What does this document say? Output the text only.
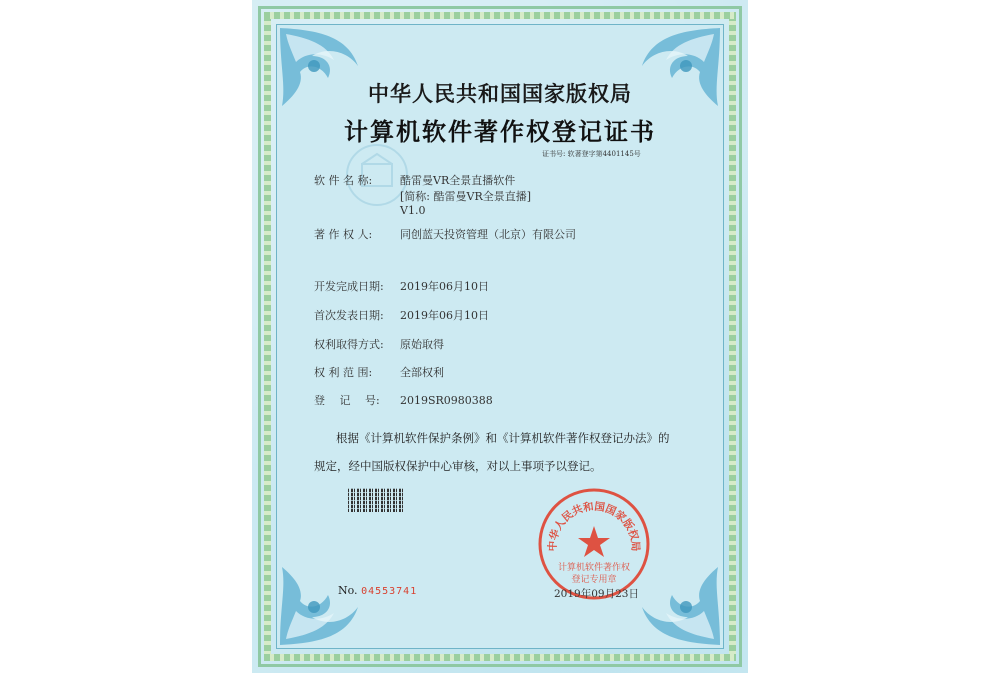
中华人民共和国国家版权局
计算机软件著作权登记证书
证书号: 软著登字第4401145号
软 件 名 称:	酷雷曼VR全景直播软件
[简称: 酷雷曼VR全景直播]
V1.0
著 作 权 人:	同创蓝天投资管理（北京）有限公司
开发完成日期: 2019年06月10日
首次发表日期: 2019年06月10日
权利取得方式: 原始取得
权 利 范 围:	全部权利
登　 记　 号: 2019SR0980388
根据《计算机软件保护条例》和《计算机软件著作权登记办法》的
规定，经中国版权保护中心审核，对以上事项予以登记。
中华人民共和国国家版权局
计算机软件著作权
登记专用章
No. 04553741	2019年09月23日
